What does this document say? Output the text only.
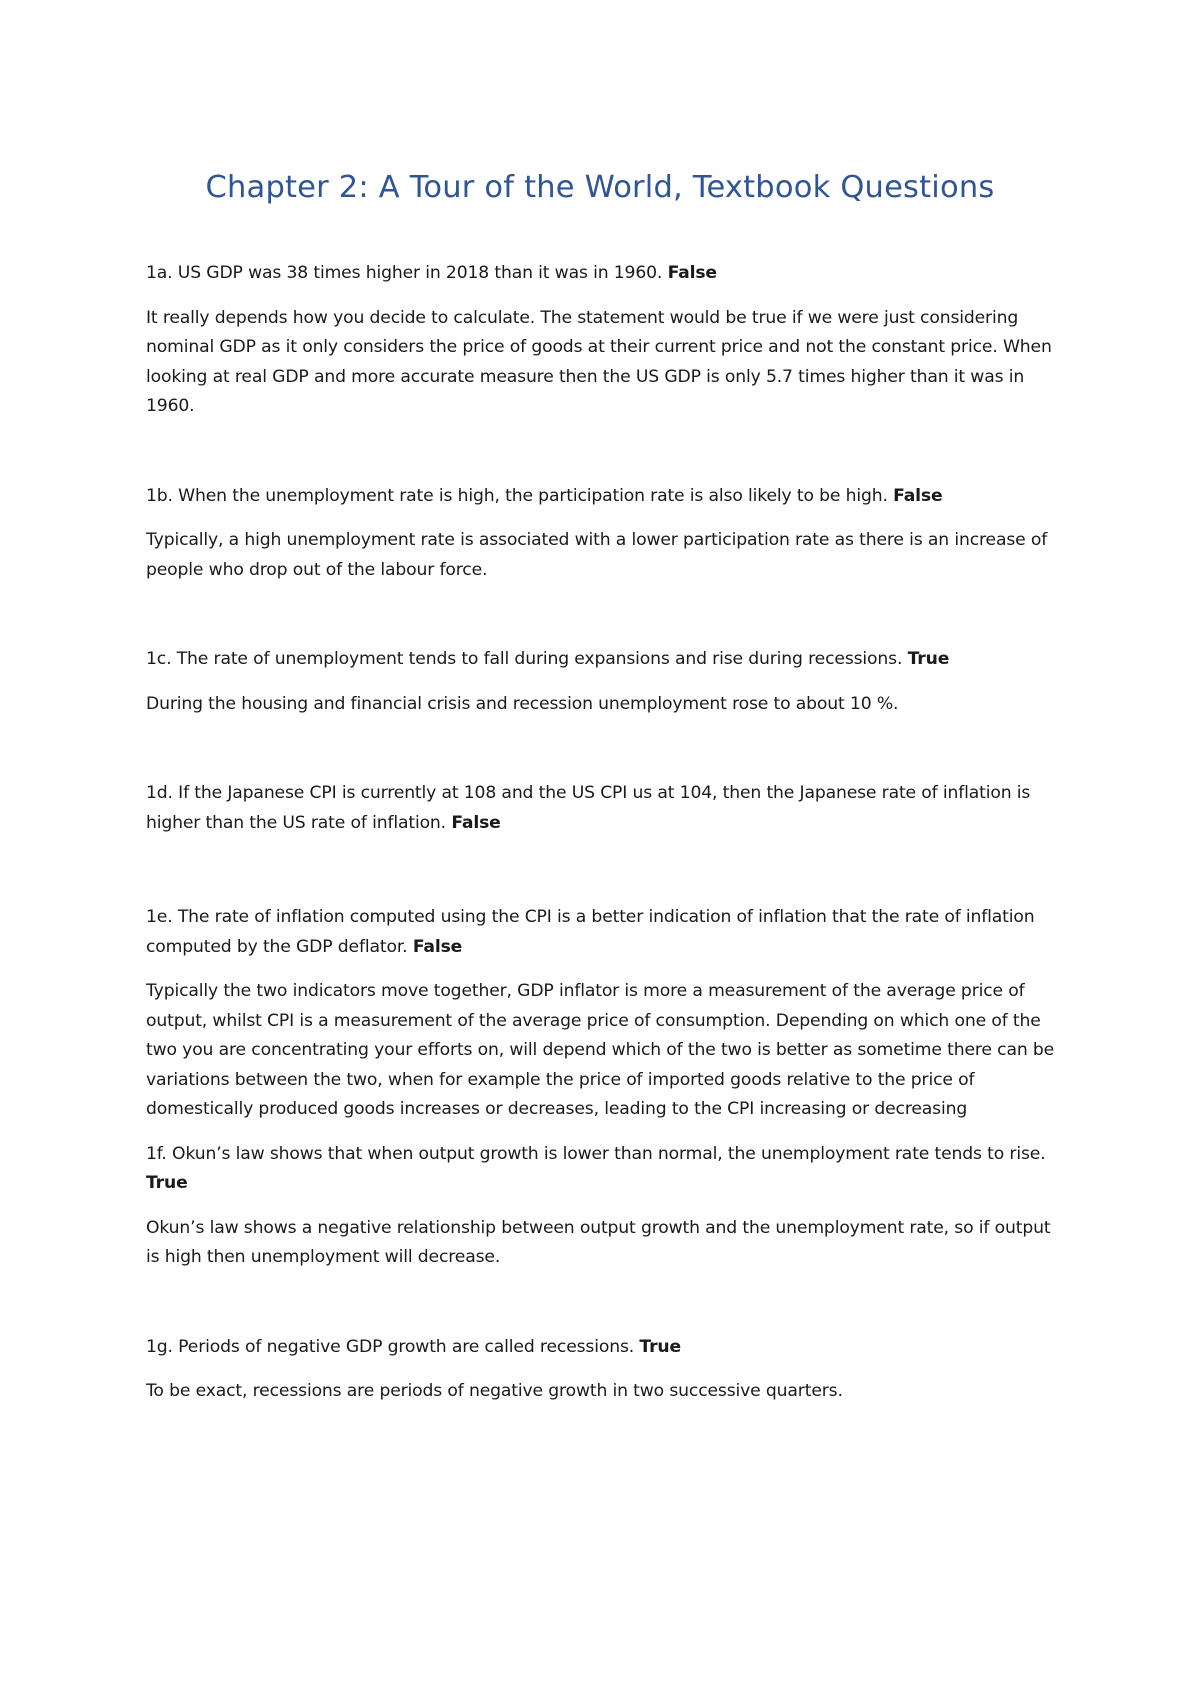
Chapter 2: A Tour of the World, Textbook Questions

1a. US GDP was 38 times higher in 2018 than it was in 1960. False

It really depends how you decide to calculate. The statement would be true if we were just considering nominal GDP as it only considers the price of goods at their current price and not the constant price. When looking at real GDP and more accurate measure then the US GDP is only 5.7 times higher than it was in 1960.

1b. When the unemployment rate is high, the participation rate is also likely to be high. False

Typically, a high unemployment rate is associated with a lower participation rate as there is an increase of people who drop out of the labour force.

1c. The rate of unemployment tends to fall during expansions and rise during recessions. True

During the housing and financial crisis and recession unemployment rose to about 10 %.

1d. If the Japanese CPI is currently at 108 and the US CPI us at 104, then the Japanese rate of inflation is higher than the US rate of inflation. False

1e. The rate of inflation computed using the CPI is a better indication of inflation that the rate of inflation computed by the GDP deflator. False

Typically the two indicators move together, GDP inflator is more a measurement of the average price of output, whilst CPI is a measurement of the average price of consumption. Depending on which one of the two you are concentrating your efforts on, will depend which of the two is better as sometime there can be variations between the two, when for example the price of imported goods relative to the price of domestically produced goods increases or decreases, leading to the CPI increasing or decreasing

1f. Okun’s law shows that when output growth is lower than normal, the unemployment rate tends to rise. True

Okun’s law shows a negative relationship between output growth and the unemployment rate, so if output is high then unemployment will decrease.

1g. Periods of negative GDP growth are called recessions. True

To be exact, recessions are periods of negative growth in two successive quarters.
